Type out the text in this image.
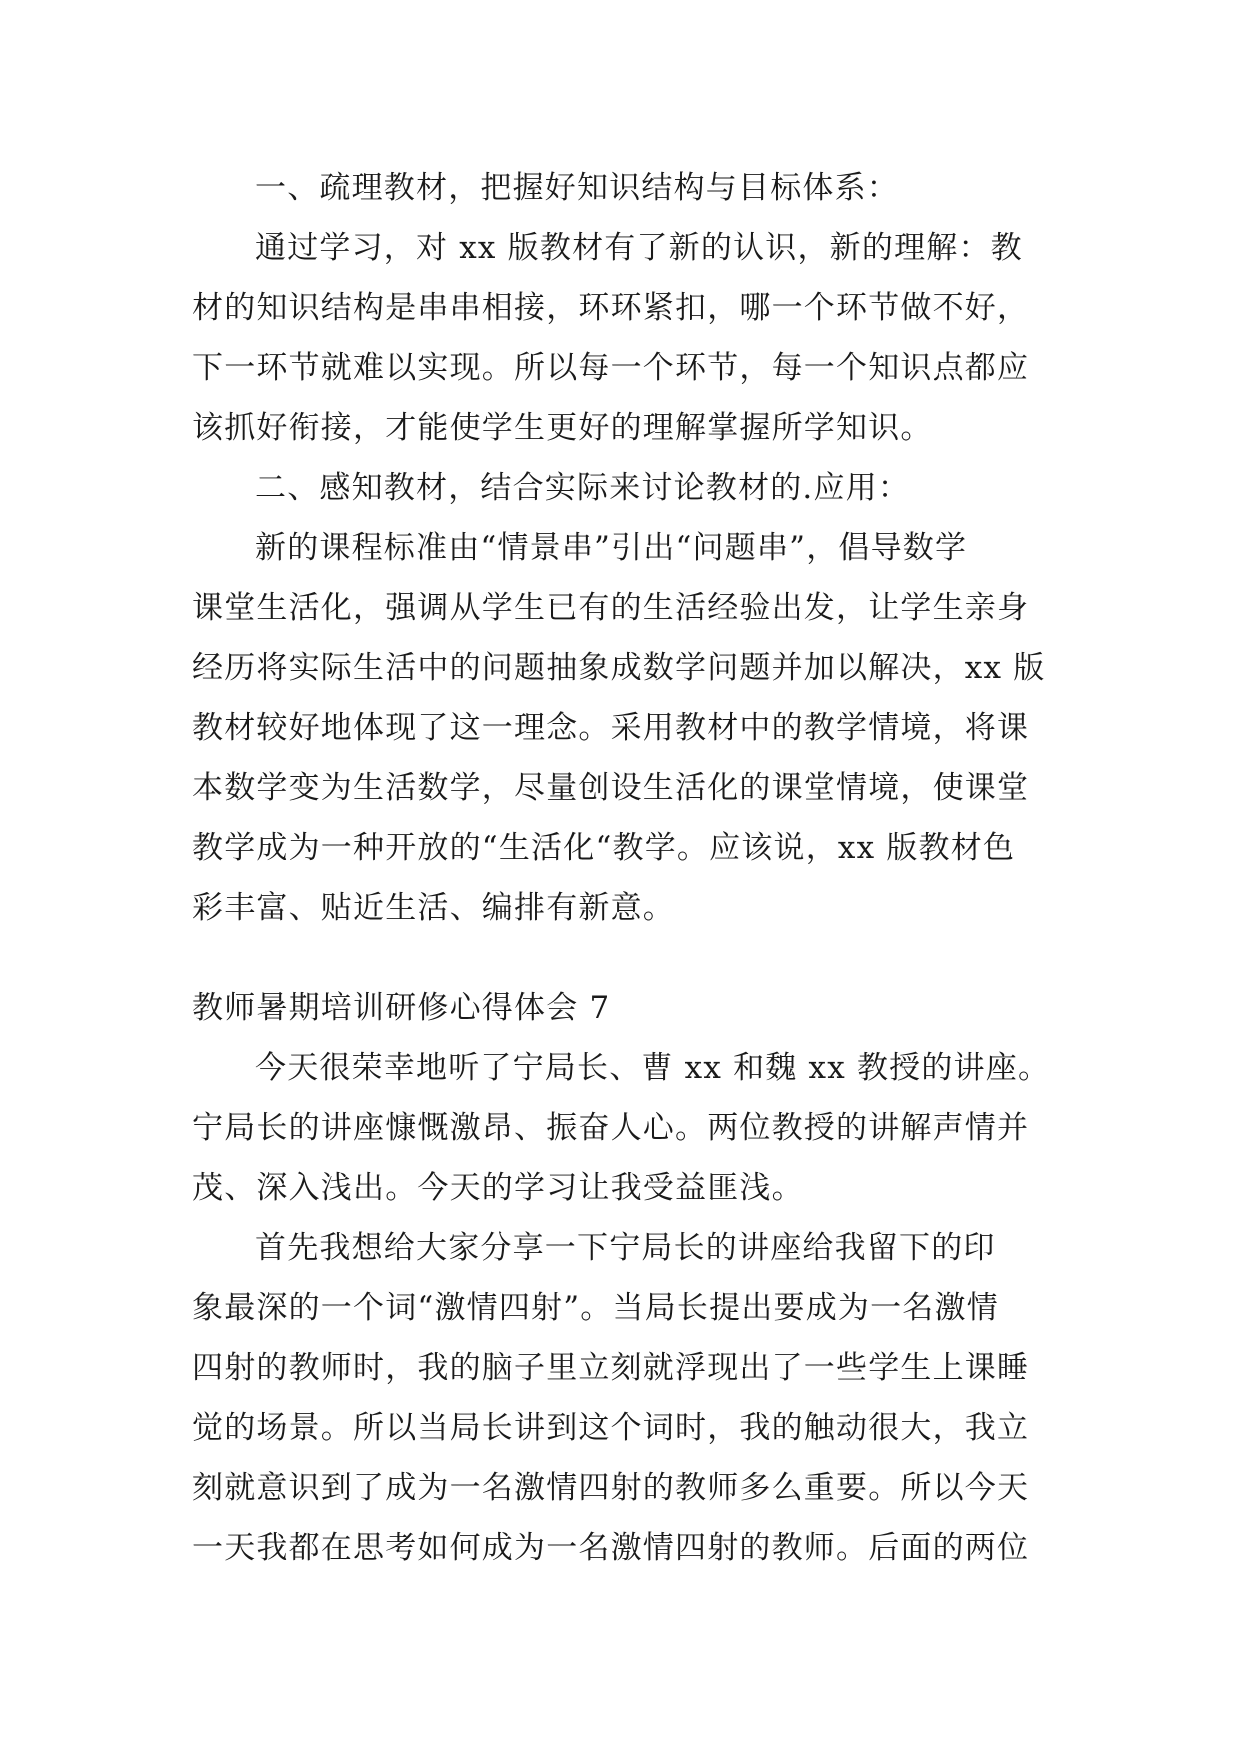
一、疏理教材，把握好知识结构与目标体系：
通过学习，对 xx 版教材有了新的认识，新的理解：教
材的知识结构是串串相接，环环紧扣，哪一个环节做不好，
下一环节就难以实现。所以每一个环节，每一个知识点都应
该抓好衔接，才能使学生更好的理解掌握所学知识。
二、感知教材，结合实际来讨论教材的.应用：
新的课程标准由“情景串”引出“问题串”，倡导数学
课堂生活化，强调从学生已有的生活经验出发，让学生亲身
经历将实际生活中的问题抽象成数学问题并加以解决，xx 版
教材较好地体现了这一理念。采用教材中的教学情境，将课
本数学变为生活数学，尽量创设生活化的课堂情境，使课堂
教学成为一种开放的“生活化“教学。应该说，xx 版教材色
彩丰富、贴近生活、编排有新意。
教师暑期培训研修心得体会 7
今天很荣幸地听了宁局长、曹 xx 和魏 xx 教授的讲座。
宁局长的讲座慷慨激昂、振奋人心。两位教授的讲解声情并
茂、深入浅出。今天的学习让我受益匪浅。
首先我想给大家分享一下宁局长的讲座给我留下的印
象最深的一个词“激情四射”。当局长提出要成为一名激情
四射的教师时，我的脑子里立刻就浮现出了一些学生上课睡
觉的场景。所以当局长讲到这个词时，我的触动很大，我立
刻就意识到了成为一名激情四射的教师多么重要。所以今天
一天我都在思考如何成为一名激情四射的教师。后面的两位
